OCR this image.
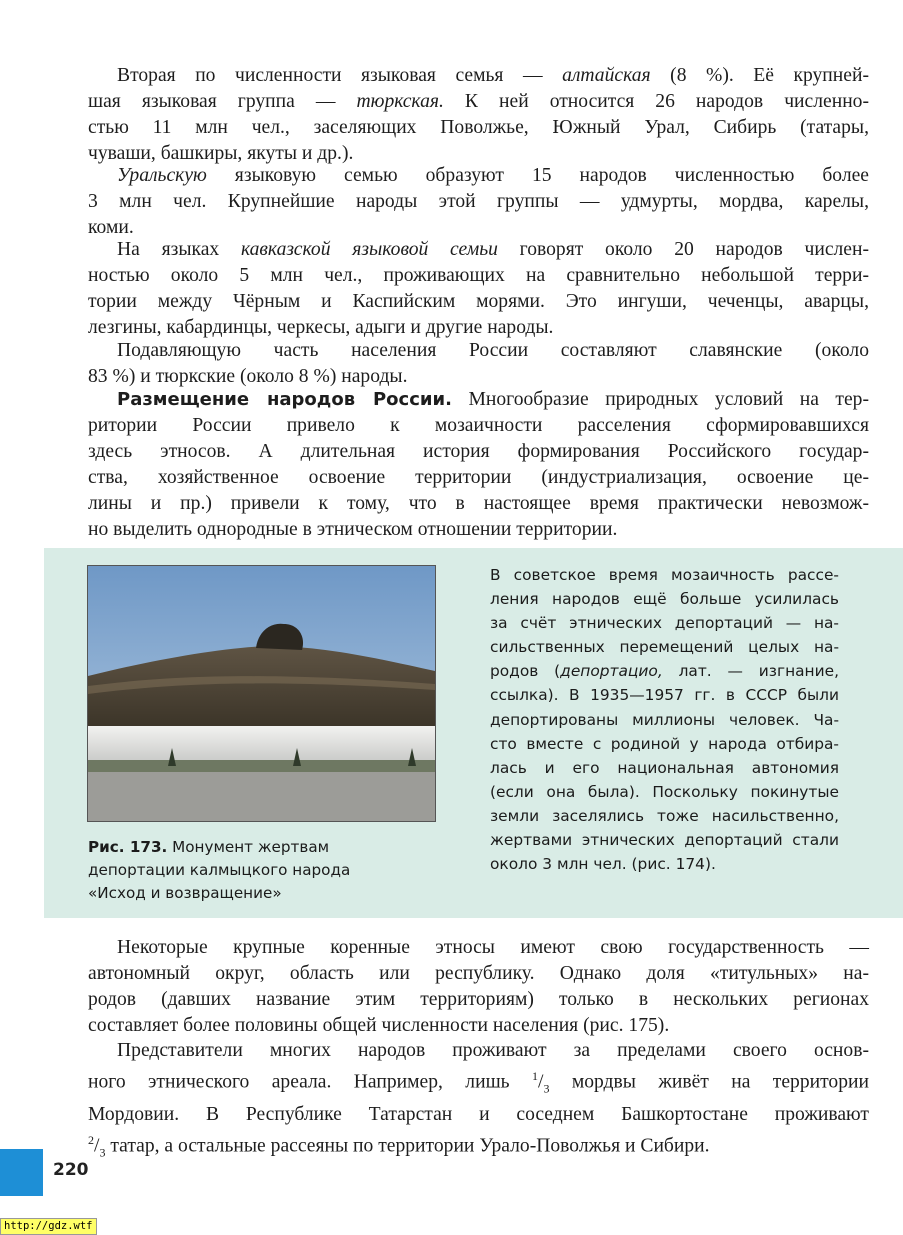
Вторая по численности языковая семья — алтайская (8 %). Её крупней-
шая языковая группа — тюркская. К ней относится 26 народов численно-
стью 11 млн чел., заселяющих Поволжье, Южный Урал, Сибирь (татары,
чуваши, башкиры, якуты и др.).
Уральскую языковую семью образуют 15 народов численностью более
3 млн чел. Крупнейшие народы этой группы — удмурты, мордва, карелы,
коми.
На языках кавказской языковой семьи говорят около 20 народов числен-
ностью около 5 млн чел., проживающих на сравнительно небольшой терри-
тории между Чёрным и Каспийским морями. Это ингуши, чеченцы, аварцы,
лезгины, кабардинцы, черкесы, адыги и другие народы.
Подавляющую часть населения России составляют славянские (около
83 %) и тюркские (около 8 %) народы.
Размещение народов России. Многообразие природных условий на тер-
ритории России привело к мозаичности расселения сформировавшихся
здесь этносов. А длительная история формирования Российского государ-
ства, хозяйственное освоение территории (индустриализация, освоение це-
лины и пр.) привели к тому, что в настоящее время практически невозмож-
но выделить однородные в этническом отношении территории.
Рис. 173. Монумент жертвам
депортации калмыцкого народа
«Исход и возвращение»
В советское время мозаичность рассе-
ления народов ещё больше усилилась
за счёт этнических депортаций — на-
сильственных перемещений целых на-
родов (депортацио, лат. — изгнание,
ссылка). В 1935—1957 гг. в СССР были
депортированы миллионы человек. Ча-
сто вместе с родиной у народа отбира-
лась и его национальная автономия
(если она была). Поскольку покинутые
земли заселялись тоже насильственно,
жертвами этнических депортаций стали
около 3 млн чел. (рис. 174).
Некоторые крупные коренные этносы имеют свою государственность —
автономный округ, область или республику. Однако доля «титульных» на-
родов (давших название этим территориям) только в нескольких регионах
составляет более половины общей численности населения (рис. 175).
Представители многих народов проживают за пределами своего основ-
ного этнического ареала. Например, лишь $^1/_3$ мордвы живёт на территории
Мордовии. В Республике Татарстан и соседнем Башкортостане проживают
$^2/_3$ татар, а остальные рассеяны по территории Урало-Поволжья и Сибири.
220
http://gdz.wtf
